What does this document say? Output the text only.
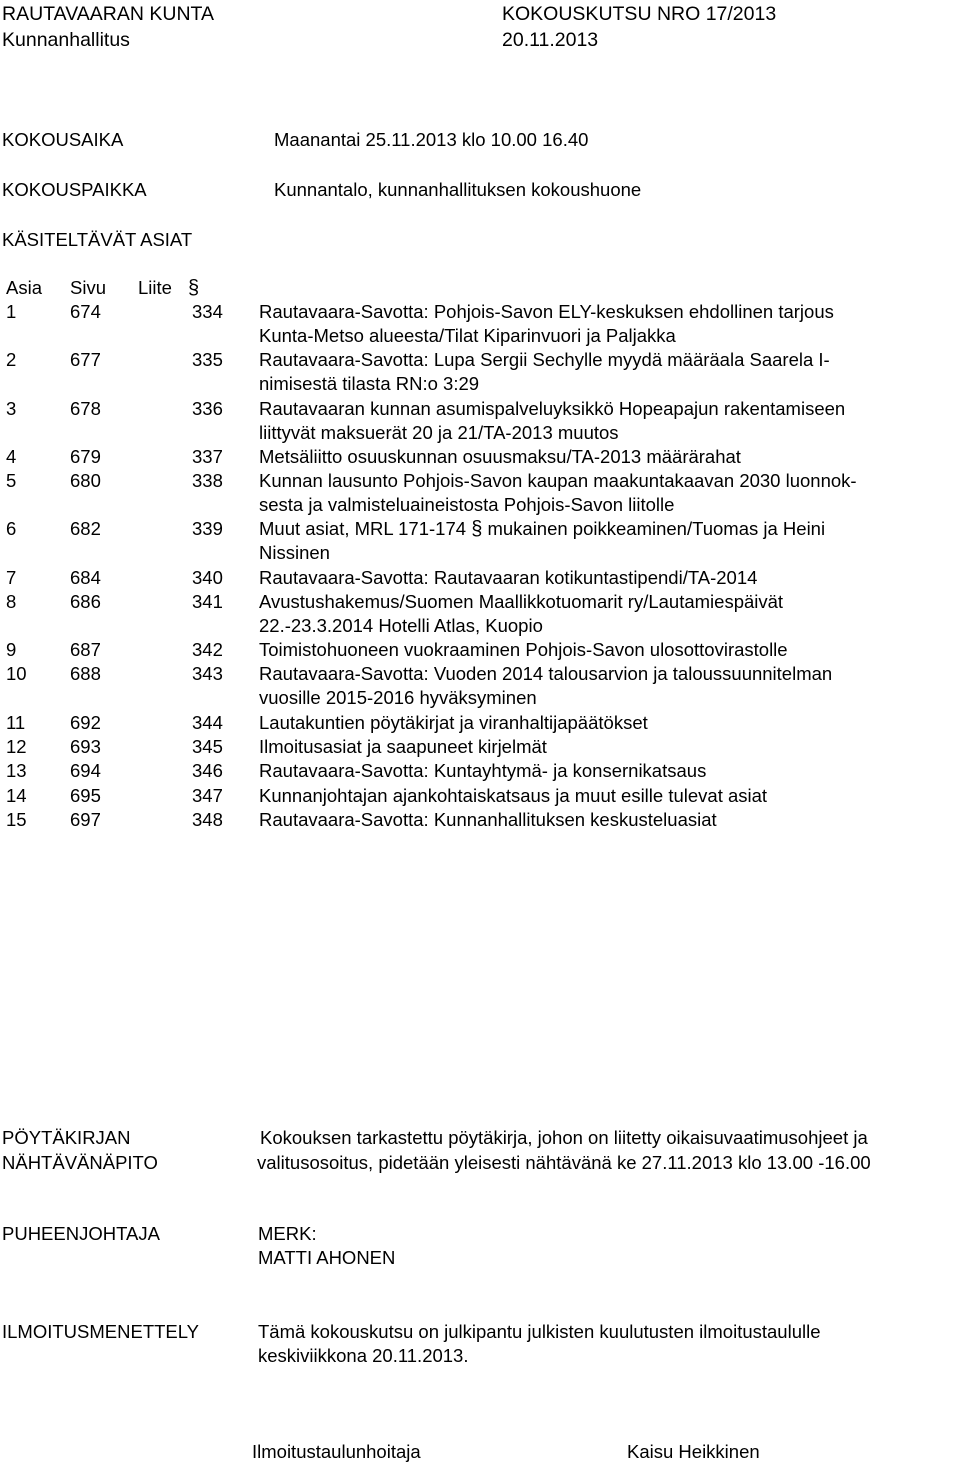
RAUTAVAARAN KUNTA	KOKOUSKUTSU NRO 17/2013
Kunnanhallitus	20.11.2013
KOKOUSAIKA	Maanantai 25.11.2013 klo 10.00 16.40
KOKOUSPAIKKA	Kunnantalo, kunnanhallituksen kokoushuone
KÄSITELTÄVÄT ASIAT
Asia Sivu Liite §
1	674	334 Rautavaara-Savotta: Pohjois-Savon ELY-keskuksen ehdollinen tarjous
Kunta-Metso alueesta/Tilat Kiparinvuori ja Paljakka
2	677	335 Rautavaara-Savotta: Lupa Sergii Sechylle myydä määräala Saarela I-
nimisestä tilasta RN:o 3:29
3	678	336 Rautavaaran kunnan asumispalveluyksikkö Hopeapajun rakentamiseen
liittyvät maksuerät 20 ja 21/TA-2013 muutos
4	679	337 Metsäliitto osuuskunnan osuusmaksu/TA-2013 määrärahat
5	680	338 Kunnan lausunto Pohjois-Savon kaupan maakuntakaavan 2030 luonnok-
sesta ja valmisteluaineistosta Pohjois-Savon liitolle
6	682	339 Muut asiat, MRL 171-174 § mukainen poikkeaminen/Tuomas ja Heini
Nissinen
7	684	340 Rautavaara-Savotta: Rautavaaran kotikuntastipendi/TA-2014
8	686	341 Avustushakemus/Suomen Maallikkotuomarit ry/Lautamiespäivät
22.-23.3.2014 Hotelli Atlas, Kuopio
9	687	342 Toimistohuoneen vuokraaminen Pohjois-Savon ulosottovirastolle
10 688	343 Rautavaara-Savotta: Vuoden 2014 talousarvion ja taloussuunnitelman
vuosille 2015-2016 hyväksyminen
11 692	344 Lautakuntien pöytäkirjat ja viranhaltijapäätökset
12 693	345 Ilmoitusasiat ja saapuneet kirjelmät
13 694	346 Rautavaara-Savotta: Kuntayhtymä- ja konsernikatsaus
14 695	347 Kunnanjohtajan ajankohtaiskatsaus ja muut esille tulevat asiat
15 697	348 Rautavaara-Savotta: Kunnanhallituksen keskusteluasiat
PÖYTÄKIRJAN
NÄHTÄVÄNÄPITO
Kokouksen tarkastettu pöytäkirja, johon on liitetty oikaisuvaatimusohjeet ja
valitusosoitus, pidetään yleisesti nähtävänä ke 27.11.2013 klo 13.00 -16.00
PUHEENJOHTAJA	MERK:
MATTI AHONEN
ILMOITUSMENETTELY	Tämä kokouskutsu on julkipantu julkisten kuulutusten ilmoitustaululle
keskiviikkona 20.11.2013.
Ilmoitustaulunhoitaja	Kaisu Heikkinen
